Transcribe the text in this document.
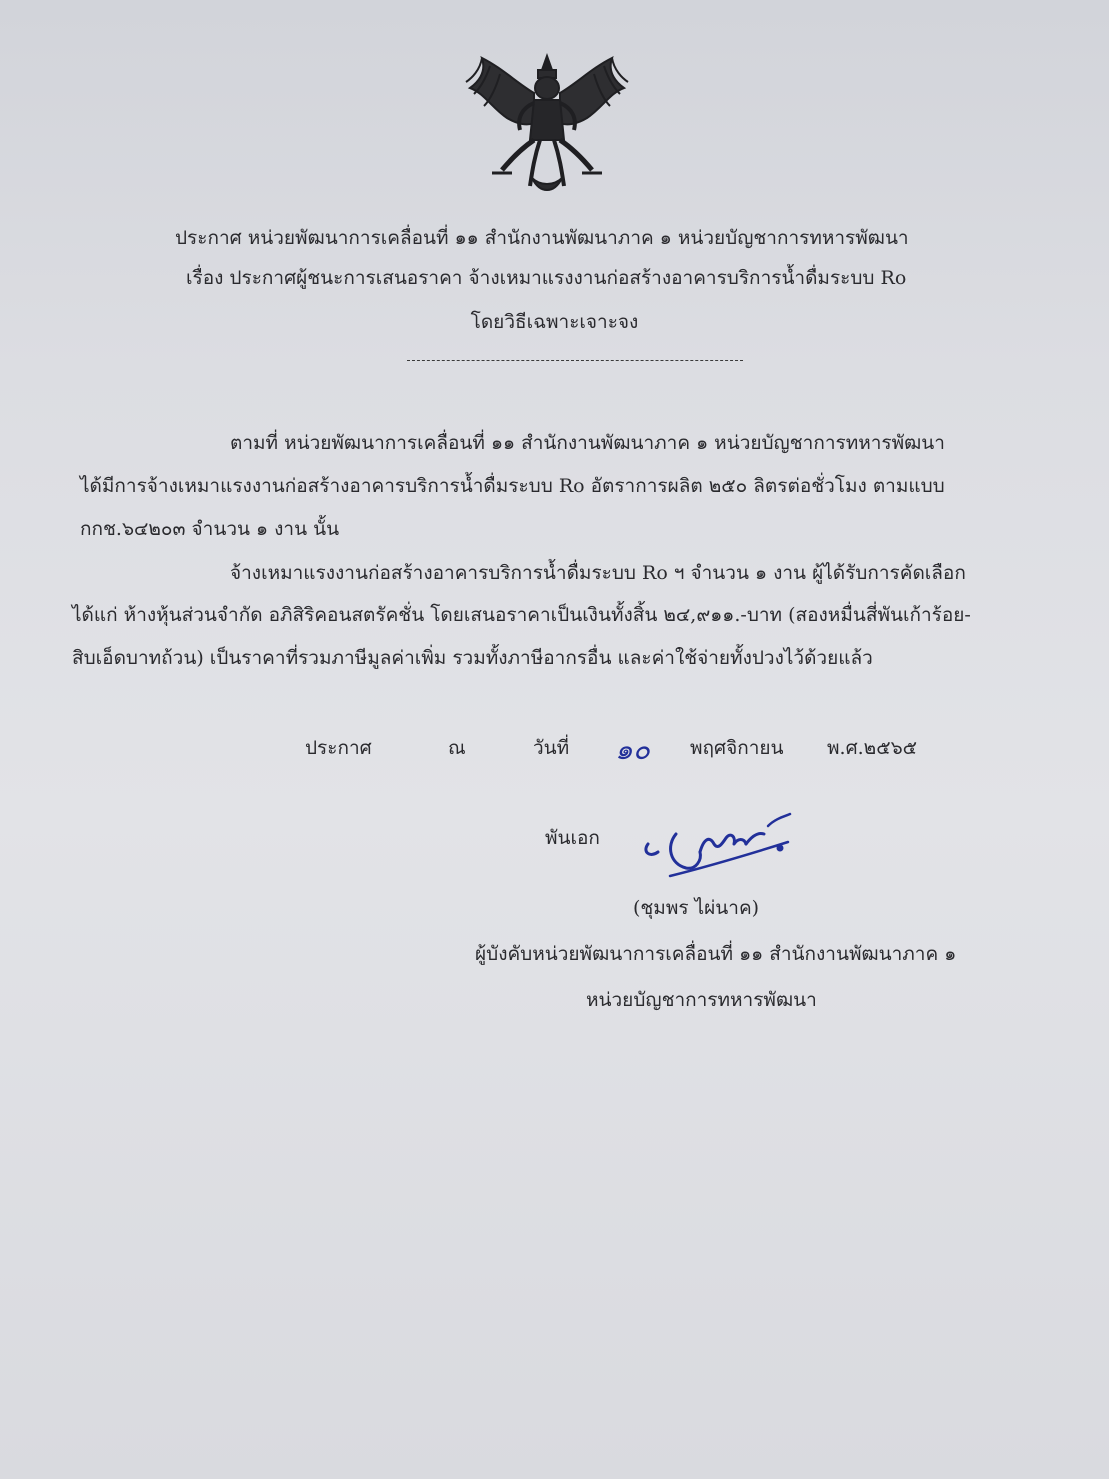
ประกาศ หน่วยพัฒนาการเคลื่อนที่ ๑๑ สำนักงานพัฒนาภาค ๑ หน่วยบัญชาการทหารพัฒนา
เรื่อง ประกาศผู้ชนะการเสนอราคา จ้างเหมาแรงงานก่อสร้างอาคารบริการน้ำดื่มระบบ Ro
โดยวิธีเฉพาะเจาะจง
ตามที่ หน่วยพัฒนาการเคลื่อนที่ ๑๑ สำนักงานพัฒนาภาค ๑ หน่วยบัญชาการทหารพัฒนา
ได้มีการจ้างเหมาแรงงานก่อสร้างอาคารบริการน้ำดื่มระบบ Ro อัตราการผลิต ๒๕๐ ลิตรต่อชั่วโมง ตามแบบ
กกช.๖๔๒๐๓ จำนวน ๑ งาน นั้น
จ้างเหมาแรงงานก่อสร้างอาคารบริการน้ำดื่มระบบ Ro ฯ จำนวน ๑ งาน ผู้ได้รับการคัดเลือก
ได้แก่ ห้างหุ้นส่วนจำกัด อภิสิริคอนสตรัคชั่น โดยเสนอราคาเป็นเงินทั้งสิ้น ๒๔,๙๑๑.-บาท (สองหมื่นสี่พันเก้าร้อย-
สิบเอ็ดบาทถ้วน) เป็นราคาที่รวมภาษีมูลค่าเพิ่ม รวมทั้งภาษีอากรอื่น และค่าใช้จ่ายทั้งปวงไว้ด้วยแล้ว
ประกาศ	ณ	วันที่ ๑๐ พฤศจิกายน พ.ศ.๒๕๖๕
พันเอก
(ชุมพร ไผ่นาค)
ผู้บังคับหน่วยพัฒนาการเคลื่อนที่ ๑๑ สำนักงานพัฒนาภาค ๑
หน่วยบัญชาการทหารพัฒนา
